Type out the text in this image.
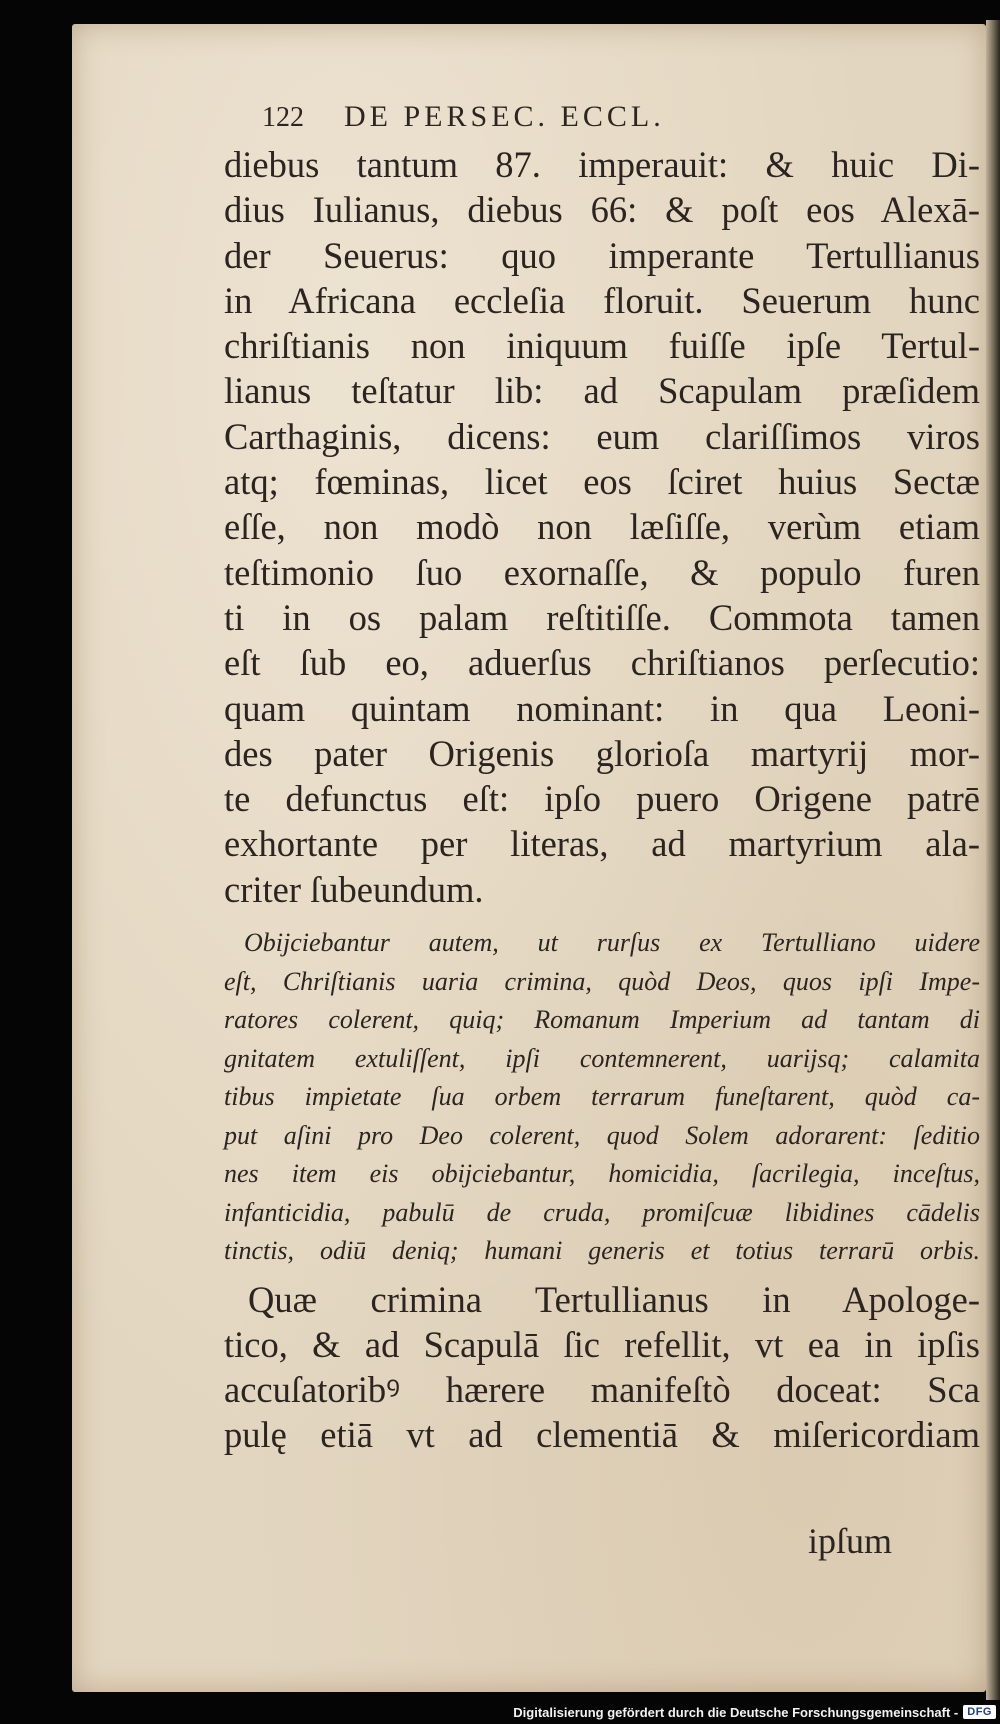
122 DE PERSEC. ECCL.
diebus tantum 87. imperauit: & huic Di-
dius Iulianus, diebus 66: & poſt eos Alexā-
der Seuerus: quo imperante Tertullianus
in Africana eccleſia floruit. Seuerum hunc
chriſtianis non iniquum fuiſſe ipſe Tertul-
lianus teſtatur lib: ad Scapulam præſidem
Carthaginis, dicens: eum clariſſimos viros
atq; fœminas, licet eos ſciret huius Sectæ
eſſe, non modò non læſiſſe, verùm etiam
teſtimonio ſuo exornaſſe, & populo furen
ti in os palam reſtitiſſe. Commota tamen
eſt ſub eo, aduerſus chriſtianos perſecutio:
quam quintam nominant: in qua Leoni-
des pater Origenis glorioſa martyrij mor-
te defunctus eſt: ipſo puero Origene patrē
exhortante per literas, ad martyrium ala-
criter ſubeundum.
Obijciebantur autem, ut rurſus ex Tertulliano uidere
eſt, Chriſtianis uaria crimina, quòd Deos, quos ipſi Impe-
ratores colerent, quiq; Romanum Imperium ad tantam di
gnitatem extuliſſent, ipſi contemnerent, uarijsq; calamita
tibus impietate ſua orbem terrarum funeſtarent, quòd ca-
put aſini pro Deo colerent, quod Solem adorarent: ſeditio
nes item eis obijciebantur, homicidia, ſacrilegia, inceſtus,
infanticidia, pabulū de cruda, promiſcuæ libidines cādelis
tinctis, odiū deniq; humani generis et totius terrarū orbis.
Quæ crimina Tertullianus in Apologe-
tico, & ad Scapulā ſic refellit, vt ea in ipſis
accuſatoribꝰ hærere manifeſtò doceat: Sca
pulę etiā vt ad clementiā & miſericordiam
ipſum
Digitalisierung gefördert durch die Deutsche Forschungsgemeinschaft - DFG
